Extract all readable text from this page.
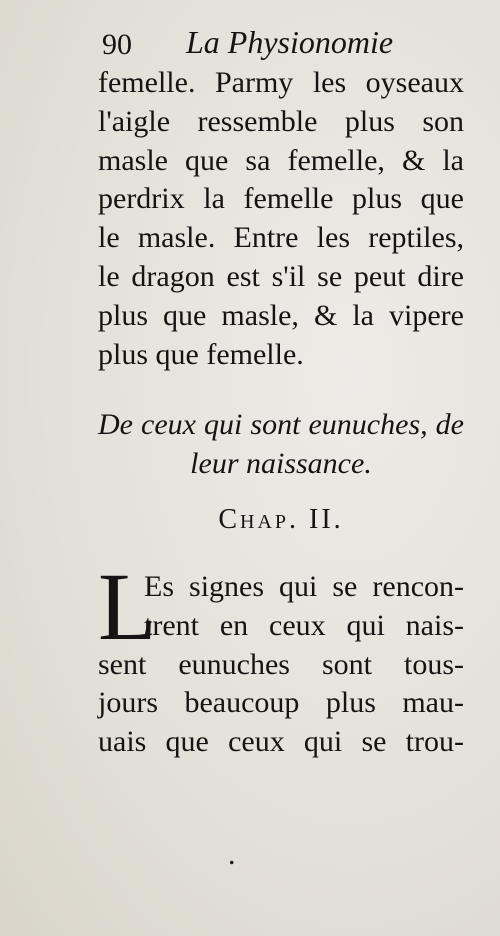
90 La Physionomie
femelle. Parmy les oyseaux
l'aigle ressemble plus son
masle que sa femelle, & la
perdrix la femelle plus que
le masle. Entre les reptiles,
le dragon est s'il se peut dire
plus que masle, & la vipere
plus que femelle.
De ceux qui sont eunuches, de
leur naissance.
Chap. II.
L
Es signes qui se rencon-
trent en ceux qui nais-
sent eunuches sont tous-
jours beaucoup plus mau-
uais que ceux qui se trou-
.
